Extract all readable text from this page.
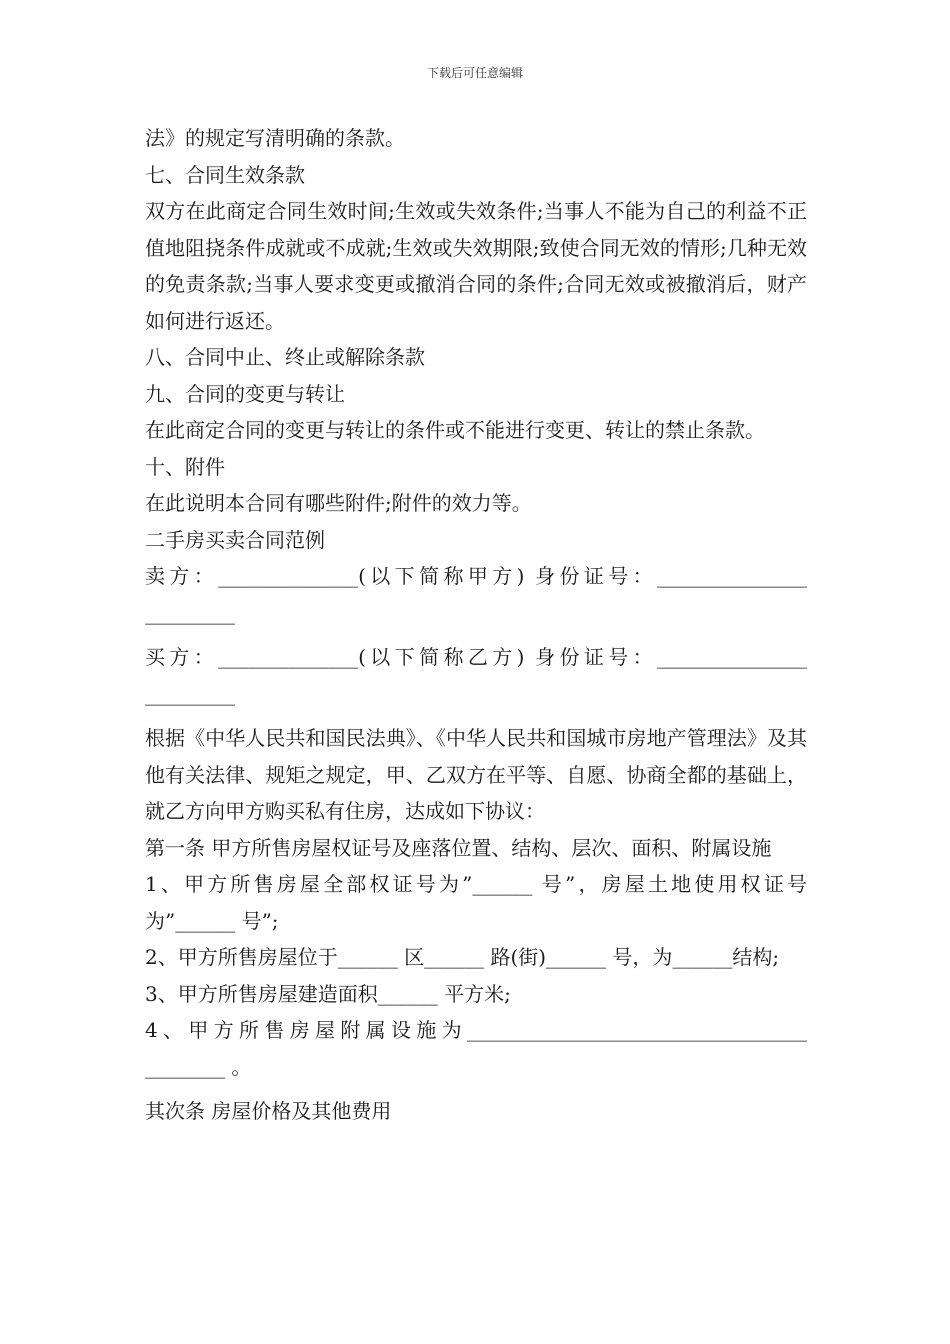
下载后可任意编辑

法》的规定写清明确的条款。

七、合同生效条款

双方在此商定合同生效时间;生效或失效条件;当事人不能为自己的利益不正值地阻挠条件成就或不成就;生效或失效期限;致使合同无效的情形;几种无效的免责条款;当事人要求变更或撤消合同的条件;合同无效或被撤消后，财产如何进行返还。

八、合同中止、终止或解除条款

九、合同的变更与转让

在此商定合同的变更与转让的条件或不能进行变更、转让的禁止条款。

十、附件

在此说明本合同有哪些附件;附件的效力等。

二手房买卖合同范例

卖方：______________(以下简称甲方) 身份证号：_______________ _________

买方：______________(以下简称乙方) 身份证号：_______________ _________

根据《中华人民共和国民法典》、《中华人民共和国城市房地产管理法》及其他有关法律、规矩之规定，甲、乙双方在平等、自愿、协商全都的基础上，就乙方向甲方购买私有住房，达成如下协议：

第一条 甲方所售房屋权证号及座落位置、结构、层次、面积、附属设施

1、甲方所售房屋全部权证号为”______ 号”，房屋土地使用权证号为”______ 号”;

2、甲方所售房屋位于______ 区______ 路(街)______ 号，为______结构;

3、甲方所售房屋建造面积______ 平方米;

4、甲方所售房屋附属设施为__________________________________ ________ 。

其次条 房屋价格及其他费用
